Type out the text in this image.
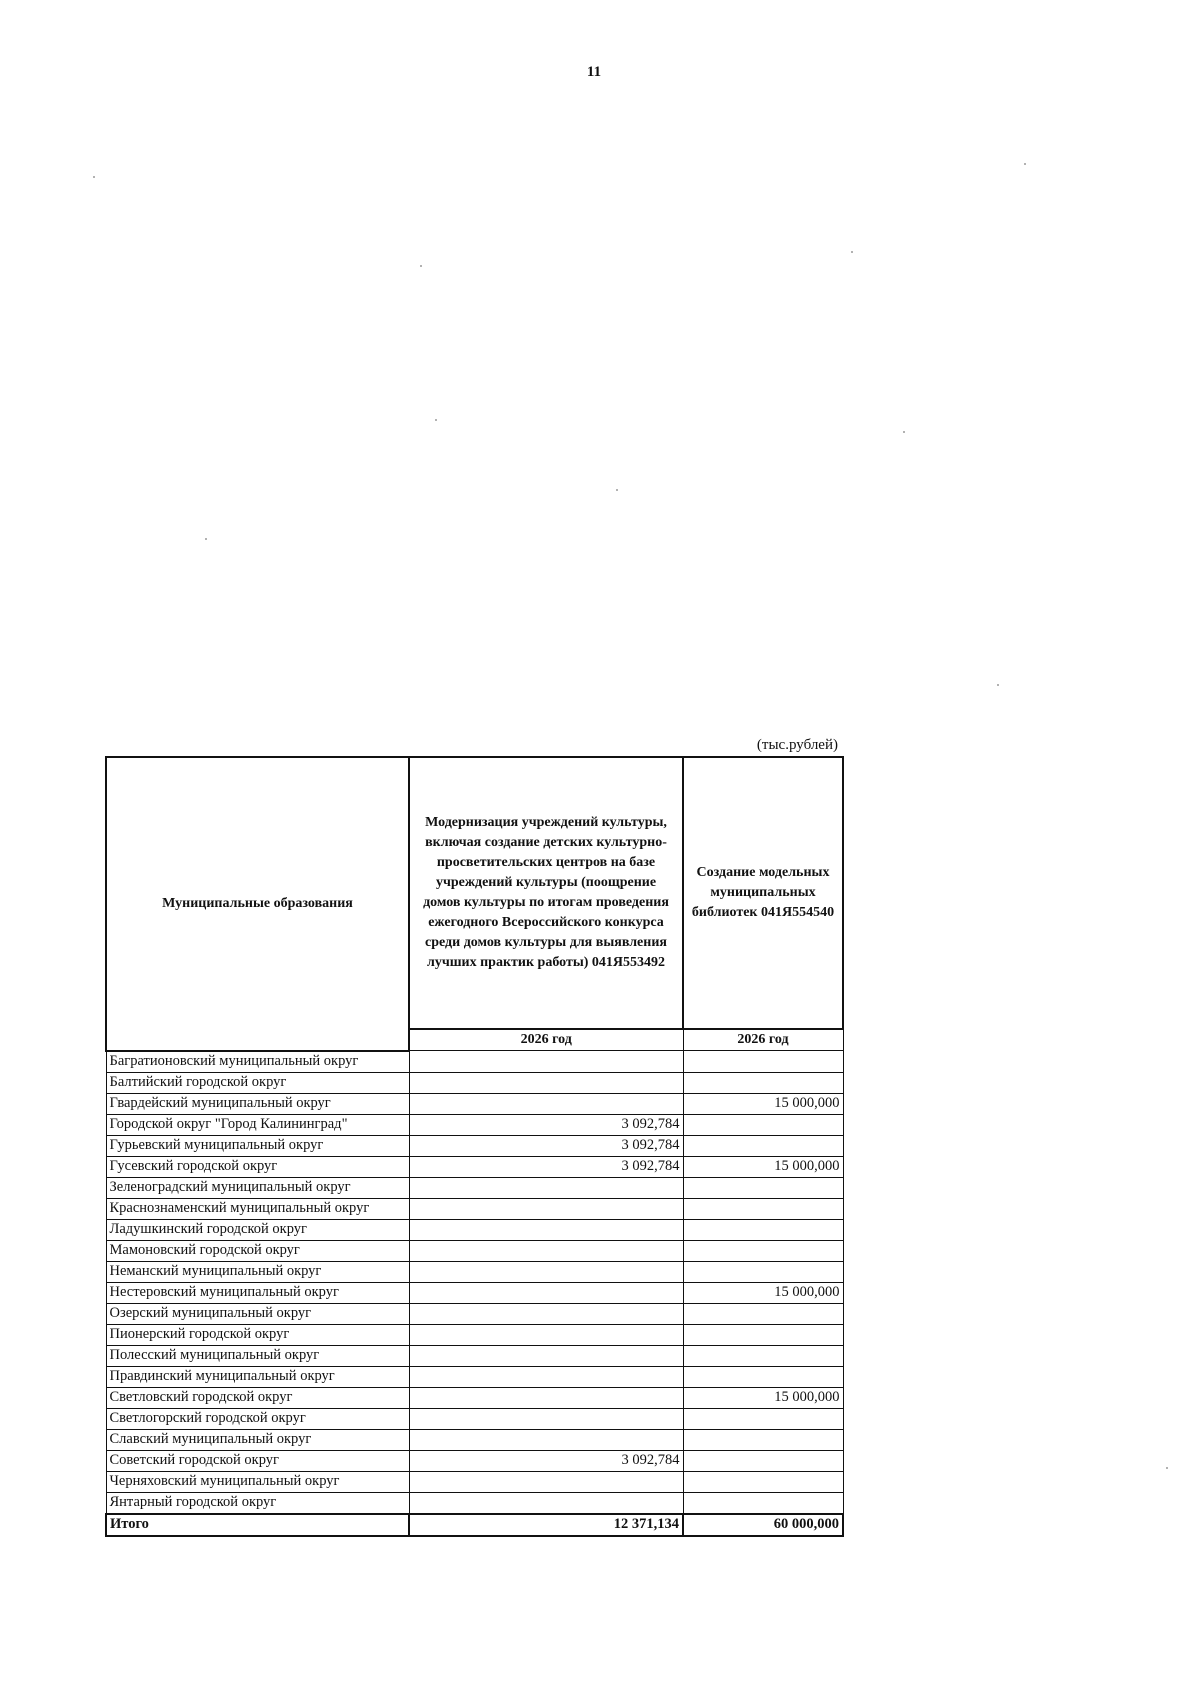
11
(тыс.рублей)
Муниципальные образования	Модернизация учреждений культуры, включая создание детских культурно-просветительских центров на базе учреждений культуры (поощрение домов культуры по итогам проведения ежегодного Всероссийского конкурса среди домов культуры для выявления лучших практик работы) 041Я553492	Создание модельных муниципальных библиотек 041Я554540
	2026 год	2026 год
Багратионовский муниципальный округ		
Балтийский городской округ		
Гвардейский муниципальный округ		15 000,000
Городской округ "Город Калининград"	3 092,784	
Гурьевский муниципальный округ	3 092,784	
Гусевский городской округ	3 092,784	15 000,000
Зеленоградский муниципальный округ		
Краснознаменский муниципальный округ		
Ладушкинский городской округ		
Мамоновский городской округ		
Неманский муниципальный округ		
Нестеровский муниципальный округ		15 000,000
Озерский муниципальный округ		
Пионерский городской округ		
Полесский муниципальный округ		
Правдинский муниципальный округ		
Светловский городской округ		15 000,000
Светлогорский городской округ		
Славский муниципальный округ		
Советский городской округ	3 092,784	
Черняховский муниципальный округ		
Янтарный городской округ		
Итого	12 371,134	60 000,000
